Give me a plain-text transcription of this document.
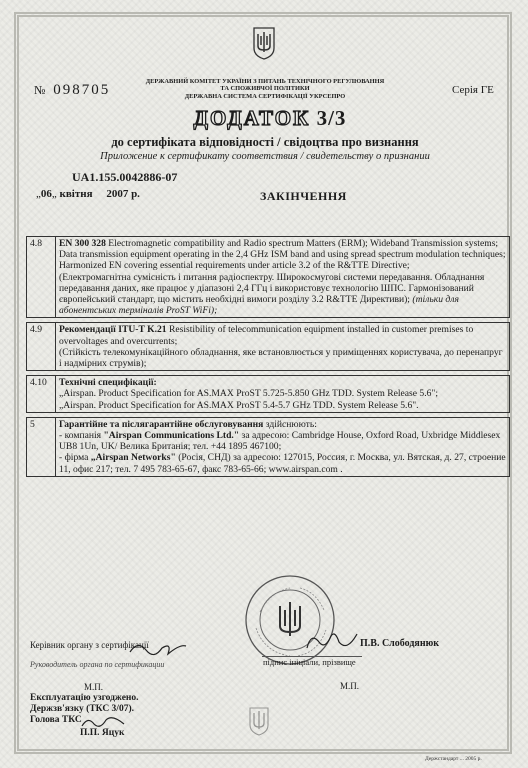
№ 098705	Серія ГЕ
ДЕРЖАВНИЙ КОМІТЕТ УКРАЇНИ З ПИТАНЬ ТЕХНІЧНОГО РЕГУЛЮВАННЯ
ТА СПОЖИВЧОЇ ПОЛІТИКИ
ДЕРЖАВНА СИСТЕМА СЕРТИФІКАЦІЇ УКРСЕПРО
ДОДАТОК 3/3
до сертифіката відповідності / свідоцтва про визнання
Приложение к сертификату соответствия / свидетельству о признании
UA1.155.0042886-07
„06„ квітня 2007 р.	ЗАКІНЧЕННЯ
4.8	EN 300 328 Electromagnetic compatibility and Radio spectrum Matters (ERM); Wideband Transmission systems; Data transmission equipment operating in the 2,4 GHz ISM band and using spread spectrum modulation techniques; Harmonized EN covering essential requirements under article 3.2 of the R&TTE Directive;
(Електромагнітна сумісність і питання радіоспектру. Широкосмугові системи передавання. Обладнання передавання даних, яке працює у діапазоні 2,4 ГГц і використовує технологію ШПС. Гармонізований європейський стандарт, що містить необхідні вимоги розділу 3.2 R&TTE Директиви); (тільки для абонентських терміналів ProST WiFi);

4.9	Рекомендації ITU-T K.21 Resistibility of telecommunication equipment installed in customer premises to overvoltages and overcurrents;
(Стійкість телекомунікаційного обладнання, яке встановлюється у приміщеннях користувача, до перенапруг і надмірних струмів);

4.10	Технічні специфікації:
„Airspan. Product Specification for AS.MAX ProST 5.725-5.850 GHz TDD. System Release 5.6";
„Airspan. Product Specification for AS.MAX ProST 5.4-5.7 GHz TDD. System Release 5.6".

5	Гарантійне та післягарантійне обслуговування здійснюють:
- компанія "Airspan Communications Ltd." за адресою: Cambridge House, Oxford Road, Uxbridge Middlesex UB8 1Un, UK/ Велика Британія; тел. +44 1895 467100;
- фірма „Airspan Networks" (Росія, СНД) за адресою: 127015, Россия, г. Москва, ул. Вятская, д. 27, строение 11, офис 217; тел. 7 495 783-65-67, факс 783-65-66; www.airspan.com .
Керівник органу з сертифікації
Руководитель органа по сертификации
П.В. Слободянюк
підпис ініціали, прізвище
М.П.	М.П.
Експлуатацію узгоджено.
Держзв'язку (ТКС 3/07).
Голова ТКС
П.П. Яцук
Держстандарт ... 2005 р.
